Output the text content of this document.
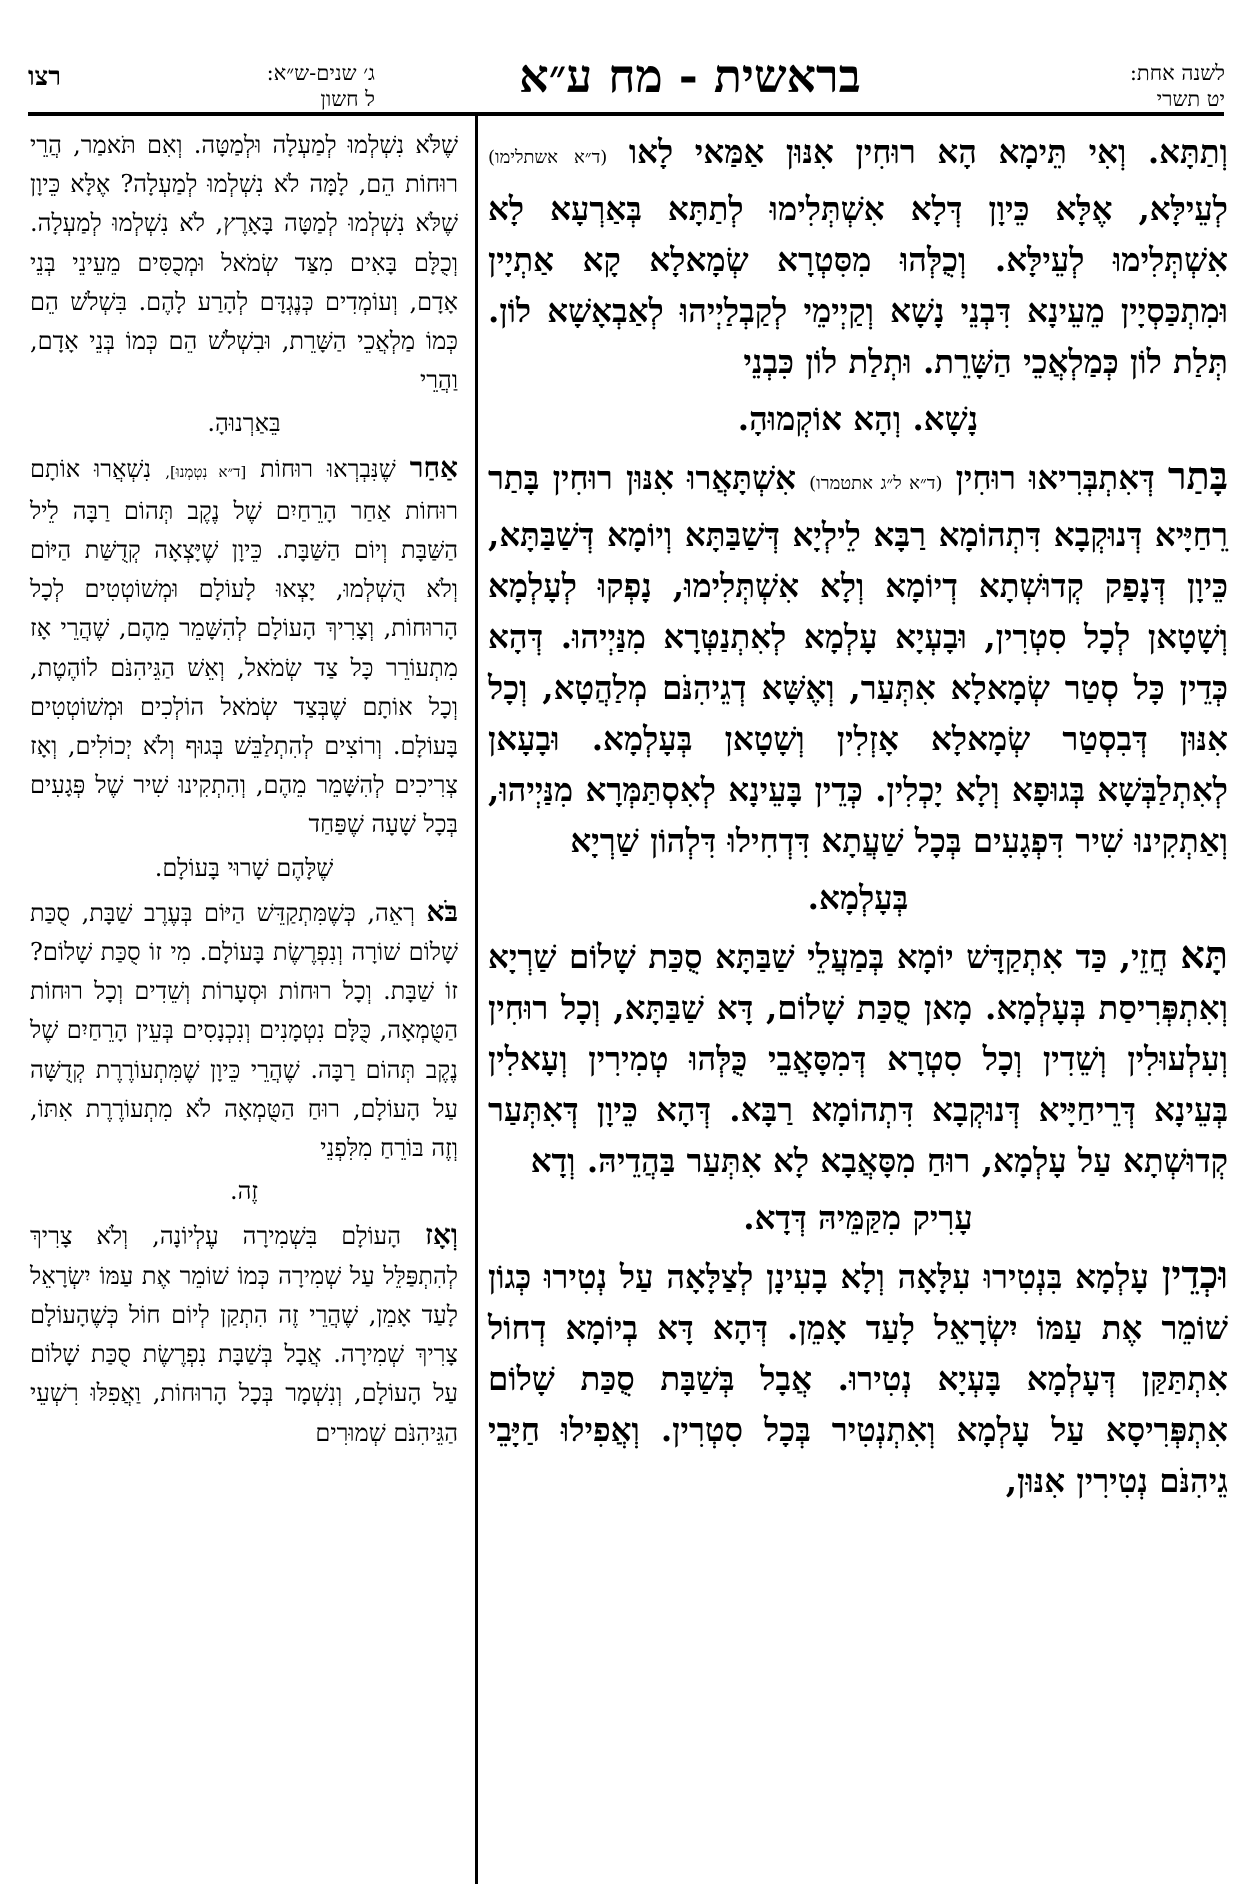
רצו	ג׳ שנים-ש״א:
ל חשון	בראשית - מח ע״א	לשנה אחת:
יט תשרי

וְתַתָּא. וְאִי תֵּימָא הָא רוּחִין אִנּוּן אַמַּאי לָאו (ד״א אשתלימו) לְעֵילָּא, אֶלָּא כֵּיוָן דְּלָא אִשְׁתְּלִימוּ לְתַתָּא בְּאַרְעָא לָא אִשְׁתְּלִימוּ לְעֵילָּא. וְכֻלְּהוּ מִסִּטְרָא שְׂמָאלָא קָא אַתְיָין וּמִתְכַּסְיָין מֵעֵינָא דִּבְנֵי נָשָׁא וְקַיְימֵי לְקַבְלַיְיהוּ לְאַבְאָשָׁא לוֹן. תְּלַת לוֹן כְּמַלְאֲכֵי הַשָּׁרֵת. וּתְלַת לוֹן כִּבְנֵי

נָשָׁא. וְהָא אוֹקְמוּהָ.

בָּתַר דְּאִתְבְּרִיאוּ רוּחִין (ד״א ל״ג אתטמרו) אִשְׁתָּאֲרוּ אִנּוּן רוּחִין בָּתַר רֵחַיָּיא דְּנוּקְבָא דִּתְהוֹמָא רַבָּא לֵילְיָא דְּשַׁבַּתָּא וְיוֹמָא דְּשַׁבַּתָּא, כֵּיוָן דְּנָפַק קְדוּשְׁתָא דְיוֹמָא וְלָא אִשְׁתְּלִימוּ, נָפְקוּ לְעָלְמָא וְשָׁטָאן לְכָל סִטְרִין, וּבָעְיָא עָלְמָא לְאִתְנַטְּרָא מִנַּיְיהוּ. דְּהָא כְּדֵין כָּל סְטַר שְׂמָאלָא אִתְּעַר, וְאֶשָּׁא דְגֵיהִנֹּם מְלַהֲטָא, וְכָל אִנּוּן דְּבִסְטַר שְׂמָאלָא אָזְלִין וְשָׁטָאן בְּעָלְמָא. וּבָעָאן לְאִתְלַבְּשָׁא בְּגוּפָא וְלָא יָכְלִין. כְּדֵין בָּעֵינָא לְאִסְתַּמְּרָא מִנַּיְיהוּ, וְאַתְקִינוּ שִׁיר דִּפְגָעִים בְּכָל שַׁעֲתָא דִּדְחִילוּ דִּלְהוֹן שַׁרְיָא

בְּעָלְמָא.

תָּא חֲזֵי, כַּד אִתְקַדָּשׁ יוֹמָא בְּמַעֲלֵי שַׁבַּתָּא סֻכַּת שָׁלוֹם שַׁרְיָא וְאִתְפְּרִיסַת בְּעָלְמָא. מָאן סֻכַּת שָׁלוֹם, דָּא שַׁבַּתָּא, וְכָל רוּחִין וְעִלְעוּלִין וְשֵׁדִין וְכָל סִטְרָא דְּמִסָּאֲבֵי כֻּלְּהוּ טְמִירִין וְעָאלִין בְּעֵינָא דְּרֵיחַיָּיא דְּנוּקְבָא דִּתְהוֹמָא רַבָּא. דְּהָא כֵּיוָן דְּאִתְּעַר קְדוּשְׁתָא עַל עָלְמָא, רוּחַ מִסָּאֲבָא לָא אִתְּעַר בַּהֲדֵיהּ. וְדָא

עָרִיק מִקַּמֵּיהּ דְּדָא.

וּכְדֵין עָלְמָא בִּנְטִירוּ עִלָּאָה וְלָא בָעִינָן לְצַלָּאָה עַל נְטִירוּ כְּגוֹן שׁוֹמֵר אֶת עַמּוֹ יִשְׂרָאֵל לָעַד אָמֵן. דְּהָא דָּא בְיוֹמָא דְחוֹל אִתְתַּקַּן דְּעָלְמָא בָּעְיָא נְטִירוּ. אֲבָל בְּשַׁבָּת סֻכַּת שָׁלוֹם אִתְפְּרִיסָא עַל עָלְמָא וְאִתְנְטִיר בְּכָל סִטְרִין. וְאֲפִילוּ חַיָּבֵי גֵיהִנֹּם נְטִירִין אִנּוּן,

שֶׁלֹּא נִשְׁלְמוּ לְמַעְלָה וּלְמַטָּה. וְאִם תֹּאמַר, הֲרֵי רוּחוֹת הֵם, לָמָּה לֹא נִשְׁלְמוּ לְמַעְלָה? אֶלָּא כֵּיוָן שֶׁלֹּא נִשְׁלְמוּ לְמַטָּה בָּאָרֶץ, לֹא נִשְׁלְמוּ לְמַעְלָה. וְכֻלָּם בָּאִים מִצַּד שְׂמֹאל וּמְכֻסִּים מֵעֵינֵי בְּנֵי אָדָם, וְעוֹמְדִים כְּנֶגְדָּם לְהָרַע לָהֶם. בִּשְׁלֹשׁ הֵם כְּמוֹ מַלְאֲכֵי הַשָּׁרֵת, וּבִשְׁלֹשׁ הֵם כְּמוֹ בְּנֵי אָדָם, וַהֲרֵי

בֵּאַרְנוּהָ.

אַחַר שֶׁנִּבְרְאוּ רוּחוֹת [ד״א נִטְמְנוּ], נִשְׁאֲרוּ אוֹתָם רוּחוֹת אַחַר הָרֵחַיִם שֶׁל נֶקֶב תְּהוֹם רַבָּה לֵיל הַשַּׁבָּת וְיוֹם הַשַּׁבָּת. כֵּיוָן שֶׁיָּצְאָה קְדֻשַּׁת הַיּוֹם וְלֹא הֻשְׁלְמוּ, יָצְאוּ לָעוֹלָם וּמְשׁוֹטְטִים לְכָל הָרוּחוֹת, וְצָרִיךְ הָעוֹלָם לְהִשָּׁמֵר מֵהֶם, שֶׁהֲרֵי אָז מִתְעוֹרֵר כָּל צַד שְׂמֹאל, וְאֵשׁ הַגֵּיהִנֹּם לוֹהֶטֶת, וְכָל אוֹתָם שֶׁבְּצַד שְׂמֹאל הוֹלְכִים וּמְשׁוֹטְטִים בָּעוֹלָם. וְרוֹצִים לְהִתְלַבֵּשׁ בְּגוּף וְלֹא יְכוֹלִים, וְאָז צְרִיכִים לְהִשָּׁמֵר מֵהֶם, וְהִתְקִינוּ שִׁיר שֶׁל פְּגָעִים בְּכָל שָׁעָה שֶׁפַּחַד

שֶׁלָּהֶם שָׁרוּי בָּעוֹלָם.

בֹּא רְאֵה, כְּשֶׁמִּתְקַדֵּשׁ הַיּוֹם בְּעֶרֶב שַׁבָּת, סֻכַּת שָׁלוֹם שׁוֹרָה וְנִפְרֶשֶׂת בָּעוֹלָם. מִי זוֹ סֻכַּת שָׁלוֹם? זוֹ שַׁבָּת. וְכָל רוּחוֹת וּסְעָרוֹת וְשֵׁדִים וְכָל רוּחוֹת הַטֻּמְאָה, כֻּלָּם נִטְמָנִים וְנִכְנָסִים בְּעֵין הָרֵחַיִם שֶׁל נֶקֶב תְּהוֹם רַבָּה. שֶׁהֲרֵי כֵּיוָן שֶׁמִּתְעוֹרֶרֶת קְדֻשָּׁה עַל הָעוֹלָם, רוּחַ הַטֻּמְאָה לֹא מִתְעוֹרֶרֶת אִתּוֹ, וְזֶה בּוֹרֵחַ מִלִּפְנֵי

זֶה.

וְאָז הָעוֹלָם בִּשְׁמִירָה עֶלְיוֹנָה, וְלֹא צָרִיךְ לְהִתְפַּלֵּל עַל שְׁמִירָה כְּמוֹ שׁוֹמֵר אֶת עַמּוֹ יִשְׂרָאֵל לָעַד אָמֵן, שֶׁהֲרֵי זֶה הִתְקַן לְיוֹם חוֹל כְּשֶׁהָעוֹלָם צָרִיךְ שְׁמִירָה. אֲבָל בְּשַׁבָּת נִפְרֶשֶׂת סֻכַּת שָׁלוֹם עַל הָעוֹלָם, וְנִשְׁמָר בְּכָל הָרוּחוֹת, וַאֲפִלּוּ רִשְׁעֵי הַגֵּיהִנֹּם שְׁמוּרִים
